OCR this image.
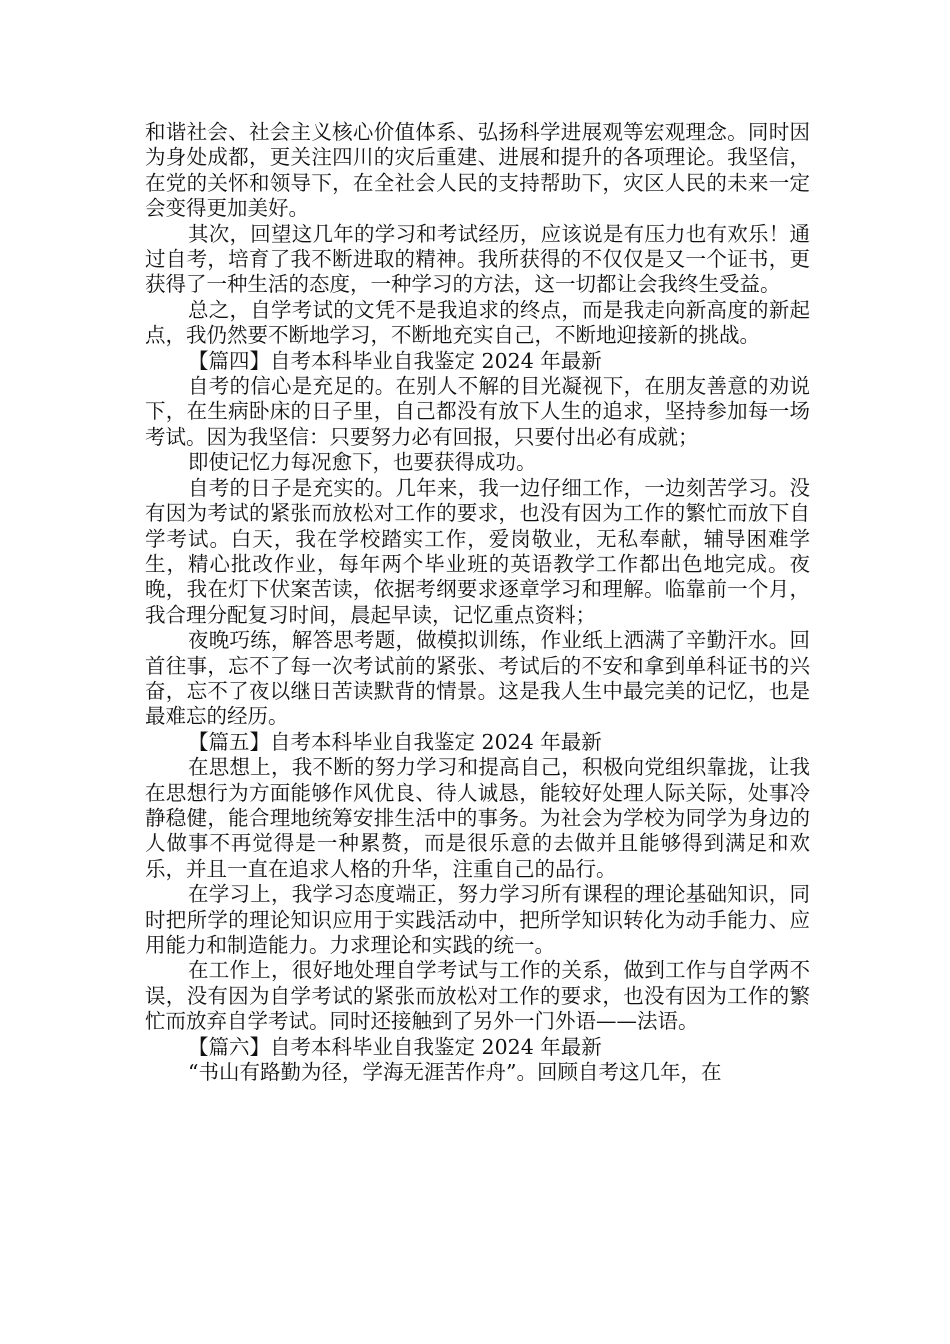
和谐社会、社会主义核心价值体系、弘扬科学进展观等宏观理念。同时因为身处成都，更关注四川的灾后重建、进展和提升的各项理论。我坚信，在党的关怀和领导下，在全社会人民的支持帮助下，灾区人民的未来一定会变得更加美好。

其次，回望这几年的学习和考试经历，应该说是有压力也有欢乐！通过自考，培育了我不断进取的精神。我所获得的不仅仅是又一个证书，更获得了一种生活的态度，一种学习的方法，这一切都让会我终生受益。

总之，自学考试的文凭不是我追求的终点，而是我走向新高度的新起点，我仍然要不断地学习，不断地充实自己，不断地迎接新的挑战。

【篇四】自考本科毕业自我鉴定 2024 年最新

自考的信心是充足的。在别人不解的目光凝视下，在朋友善意的劝说下，在生病卧床的日子里，自己都没有放下人生的追求，坚持参加每一场考试。因为我坚信：只要努力必有回报，只要付出必有成就；

即使记忆力每况愈下，也要获得成功。

自考的日子是充实的。几年来，我一边仔细工作，一边刻苦学习。没有因为考试的紧张而放松对工作的要求，也没有因为工作的繁忙而放下自学考试。白天，我在学校踏实工作，爱岗敬业，无私奉献，辅导困难学生，精心批改作业，每年两个毕业班的英语教学工作都出色地完成。夜晚，我在灯下伏案苦读，依据考纲要求逐章学习和理解。临靠前一个月，我合理分配复习时间，晨起早读，记忆重点资料；

夜晚巧练，解答思考题，做模拟训练，作业纸上洒满了辛勤汗水。回首往事，忘不了每一次考试前的紧张、考试后的不安和拿到单科证书的兴奋，忘不了夜以继日苦读默背的情景。这是我人生中最完美的记忆，也是最难忘的经历。

【篇五】自考本科毕业自我鉴定 2024 年最新

在思想上，我不断的努力学习和提高自己，积极向党组织靠拢，让我在思想行为方面能够作风优良、待人诚恳，能较好处理人际关际，处事冷静稳健，能合理地统筹安排生活中的事务。为社会为学校为同学为身边的人做事不再觉得是一种累赘，而是很乐意的去做并且能够得到满足和欢乐，并且一直在追求人格的升华，注重自己的品行。

在学习上，我学习态度端正，努力学习所有课程的理论基础知识，同时把所学的理论知识应用于实践活动中，把所学知识转化为动手能力、应用能力和制造能力。力求理论和实践的统一。

在工作上，很好地处理自学考试与工作的关系，做到工作与自学两不误，没有因为自学考试的紧张而放松对工作的要求，也没有因为工作的繁忙而放弃自学考试。同时还接触到了另外一门外语——法语。

【篇六】自考本科毕业自我鉴定 2024 年最新

“书山有路勤为径，学海无涯苦作舟”。回顾自考这几年，在
